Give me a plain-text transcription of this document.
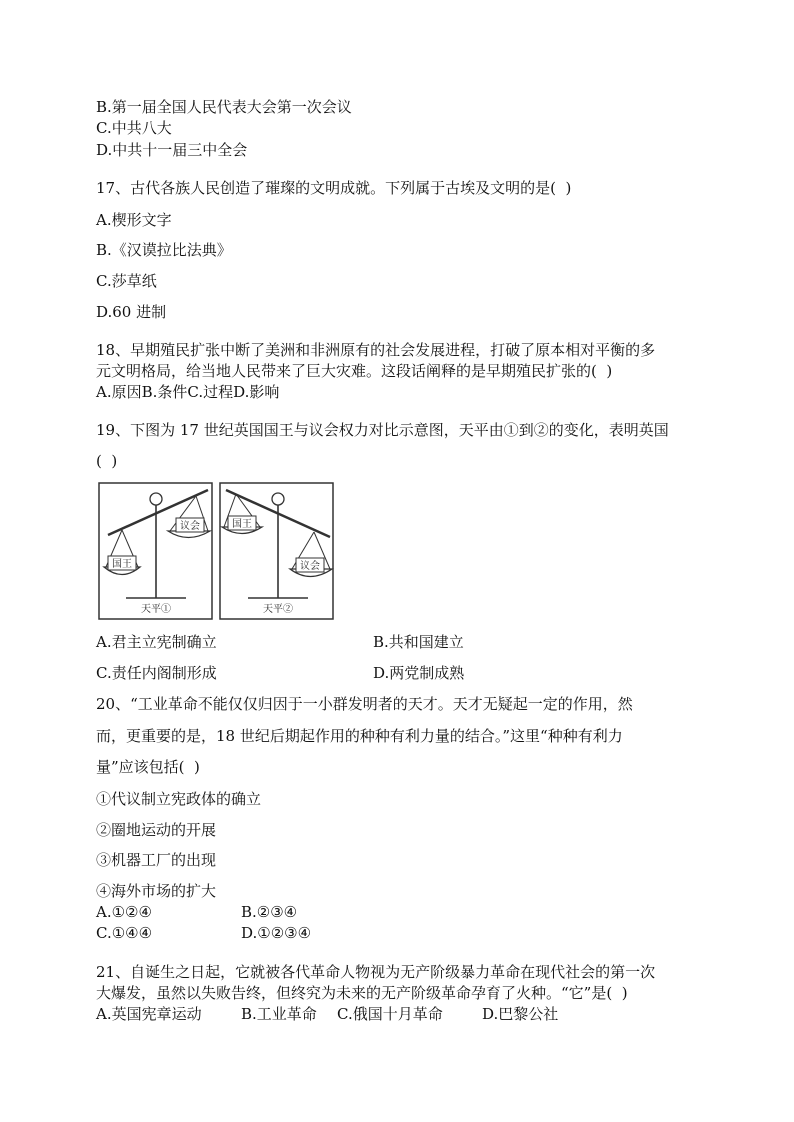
B.第一届全国人民代表大会第一次会议
C.中共八大
D.中共十一届三中全会
17、古代各族人民创造了璀璨的文明成就。下列属于古埃及文明的是(  )
A.楔形文字
B.《汉谟拉比法典》
C.莎草纸
D.60 进制
18、早期殖民扩张中断了美洲和非洲原有的社会发展进程，打破了原本相对平衡的多
元文明格局，给当地人民带来了巨大灾难。这段话阐释的是早期殖民扩张的(  )
A.原因B.条件C.过程D.影响
19、下图为 17 世纪英国国王与议会权力对比示意图，天平由①到②的变化，表明英国
(  )
国王
议会
天平①
国王
议会
天平②
A.君主立宪制确立	B.共和国建立
C.责任内阁制形成	D.两党制成熟
20、“工业革命不能仅仅归因于一小群发明者的天才。天才无疑起一定的作用，然
而，更重要的是，18 世纪后期起作用的种种有利力量的结合。”这里“种种有利力
量”应该包括(  )
①代议制立宪政体的确立
②圈地运动的开展
③机器工厂的出现
④海外市场的扩大
A.①②④	B.②③④
C.①④④	D.①②③④
21、自诞生之日起，它就被各代革命人物视为无产阶级暴力革命在现代社会的第一次
大爆发，虽然以失败告终，但终究为未来的无产阶级革命孕育了火种。“它”是(  )
A.英国宪章运动	B.工业革命 C.俄国十月革命	D.巴黎公社
